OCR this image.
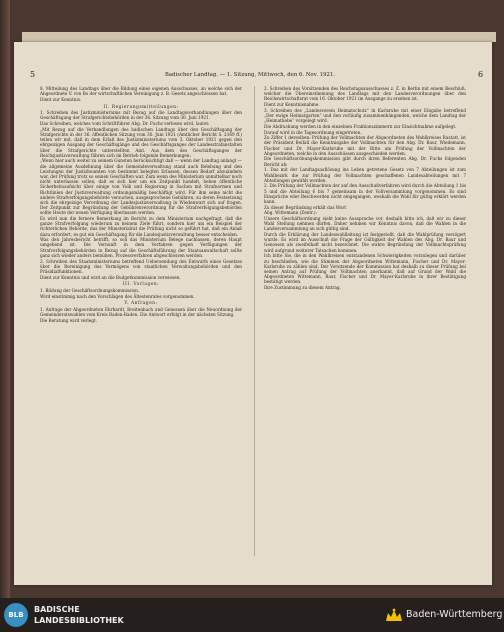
5	6
Badischer Landtag. — 1. Sitzung, Mittwoch, den 6. Nov. 1921.

8. Mitteilung des Landtags über die Bildung eines eigenen Ausschusses, an welche sich der Abgeordnete V. von Bo der wirtschaftlichen Vereinigung z. B. Gesetz angeschlossen hat.

Dient zur Kenntnis.

II. Regierungsmitteilungen:

1. Schreiben des Justizministeriums mit Bezug auf die Landtagsverhandlungen über den Geschäftsgang der Strafgerichtsbehörden in der 36. Sitzung vom 30. Juni 1921.

Das Schreiben, welches vom Schriftführer Abg. Dr. Fuchs verlesen wird, lautet:

„Mit Bezug auf die Verhandlungen des badischen Landtags über den Geschäftsgang der Strafgerichte in der 36. öffentlichen Sitzung vom 30. Juni 1921 (Amtlicher Bericht S. 2169 ff.) teilen wir mit, daß in dem Erlaß des Justizministeriums vom 3. Oktober 1921 gegen den ehrgeizigen Ausgang der Geschäftsgänge und des Geschäftsganges der Landesstrafanstalten über die Strafgerichte unterstellten Amt. Aus dem des Geschäftsganges der Reichsjustizverwaltung führen sich im Betrieb folgende Bemerkungen:

„Wenn hier auch weiter zu seinem Gunsten berücksichtigt daß — wenn der Landtag anlangt — die allgemeine Ausdehnung über die Gemeindeverwaltung stand auch Belebung und den Leistungen der Justizbeamten von bestimmt belegten Erlassen, dessen Bedarf abzuändern war, der Prüfung trotz so seinen Geschäften war. Zum wenn des Ministerium unmittelbar noch nicht unterlassen sollen, daß es sich hier um ein Zeitpunkt handelt, heben öffentliche Sicherheitsaufsicht über einige von Volk und Regierung in Sachen mit Strafnormen und Richtlinien der Justizverwaltung ordnungsmäßig beschäftigt wird. Für ihm seine nicht die andere Strafverfolgungsbehörde versuchen, ausgesprochene Gebühren, zu deren Festsetzung sich die ehrgeizige Verordnung der Landesjustizverwaltung in Wiedenwart sich auf fragen. Der Zeitpunkt zur Begründung der Gebührenverordnung für die Strafverfolgungsbehörden sollte Heute der neuen Verfügung überlassen werden.

Es wird nun die fernere Bemerkung im Bericht zu dem Ministerium nachgefragt, daß die ganze Strafverfolgung wiederum zu keinem Ziele führt, sondern hier um ein Beispiel der richterlichen Behörde, das der Ministerialrat die Prüfung nicht so geführt hat, daß ein Anlaß dazu erfordert, es gut ein Geschäftsgang für die Landesjustizverwaltung besser entscheiden.

Was den Jahresbericht betrifft, so soll das Ministerium Belege nachlassen, deren Haupt umgehend ist. Die Vernunft in dem Verfahren gegen Verfügungen der Strafverfolgungsbehörden in Bezug auf die Geschäftsführung der Staatsanwaltschaft sollte ganz sich wieder anders bemühen. Prozessverfahren abgeschlossen werden.

2. Schreiben des Staatsministeriums betreffend Uebersendung des Entwurfs eines Gesetzes über die Bereinigung des Vermögens von staatlichen Verwaltungsbehörden und den Präsidialfunktionen.

Dient zur Kenntnis und wird an die Budgetkommission verwiesen.

III. Vorlagen:

1. Bildung der Geschäftsordnungskommission.

Wird einstimmig nach den Vorschlägen des Ältestenrates vorgenommen.

V. Anfragen:

1. Anfrage der Abgeordneten Ehrhardt, Breitenbach und Genossen über die Neuordnung der Gemeinderatswahlen vom Kreis Baden-Baden. Die Antwort erfolgt in der nächsten Sitzung.

Die Beratung wird verlegt.

2. Schreiben des Vorsitzenden des Reichstagsausschusses z. Z. in Berlin mit einem Beschluß, welcher die Übereinstimmung des Landtags mit den Landesverordnungen über den Reichswirtschaftsrat vom 16. Oktober 1921 im Ausgange zu ersehen ist.

Dient zur Kenntnisnahme.

3. Schreiben des „Landesverein Heimatschutz“ in Karlsruhe mit einer Eingabe betreffend „Der ewige Heimatgarten“ und den vorläufig zusammenhängenden, welche dem Landtag der „Heimatliebe“ vorgelegt wird.

Die Abdruckung werden in den einzelnen Fraktionszimmern zur Einsichtnahme aufgelegt.

Darauf wird in die Tagesordnung eingetreten.

Zu Ziffer 1 derselben: Prüfung der Vollmachten der Abgeordneten des Wahlkreises Rastatt, ist der Präsident Beifall die Kenntnisgabe der Vollmachten für den Abg. Dr. Baur, Wiedemann, Fischer und Dr. Mayer-Karlsruhe mit der Bitte um Prüfung der Vollmachten der Abgeordneten, welche in den Ausschüssen ausgeschieden werden.

Die Geschäftsordnungskommission gibt durch ihren Referenten Abg. Dr. Fuchs folgenden Bericht ab:

1. Das mit der Landtagsauflösung ins Leben getretene Gesetz von 7 Abteilungen ist zum Wahlbezirk die zur Prüfung der Vollmachten geschaffenen Landesabteilungen mit 7 Abteilungen gewählt worden.

2. Die Prüfung der Vollmachten der auf den Ausschußverfahren wird durch die Abteilung 1 bis 5 und die Abteilung 6 bis 7 gemeinsam in der Vollversammlung vorgenommen. Es sind Einsprüche oder Beschwerden nicht eingegangen, weshalb die Wahl für gültig erklärt werden kann.

Zu dieser Begründung erhält das Wort

Abg. Wittemann (Zentr.):

Unsere Geschäftsordnung sieht keine Aussprache vor, deshalb bitte ich, daß wir zu dieser Wahl Stellung nehmen dürfen. Daher nehmen wir Kenntnis davon, daß die Wahlen in die Landesversammlung an sich gültig sind.

Durch die Erklärung der Landeswahlleitung ist festgestellt, daß die Wahlprüfung verzögert wurde. Es wird im Ausschuß die Frage der Gültigkeit der Wahlen des Abg. Dr. Baur und Genossen als zweifelhaft nicht bezeichnet. Die wahre Begründung der Vollmachtsprüfung wird aufgrund weiterer Tatsachen kommen.

Ich bitte Sie, die in den Wahlkreisen entstandenen Schwierigkeiten vorzulegen und darüber zu beschließen, wie die Stimmen der Abgeordneten Wittemann, Fischer und Dr. Mayer-Karlsruhe zu zählen sind. Der Vorsitzende der Kommission hat deshalb zu dieser Prüfung bei seinen Antrag auf Prüfung der Vollmachten anerkannt, daß auf Grund der Wahl die Abgeordneten Wittemann, Baur, Fischer und Dr. Mayer-Karlsruhe in ihrer Bestätigung bestätigt werden.

Ihre Zustimmung zu diesem Antrag.

BLB
BADISCHE
LANDESBIBLIOTHEK
Baden-Württemberg
